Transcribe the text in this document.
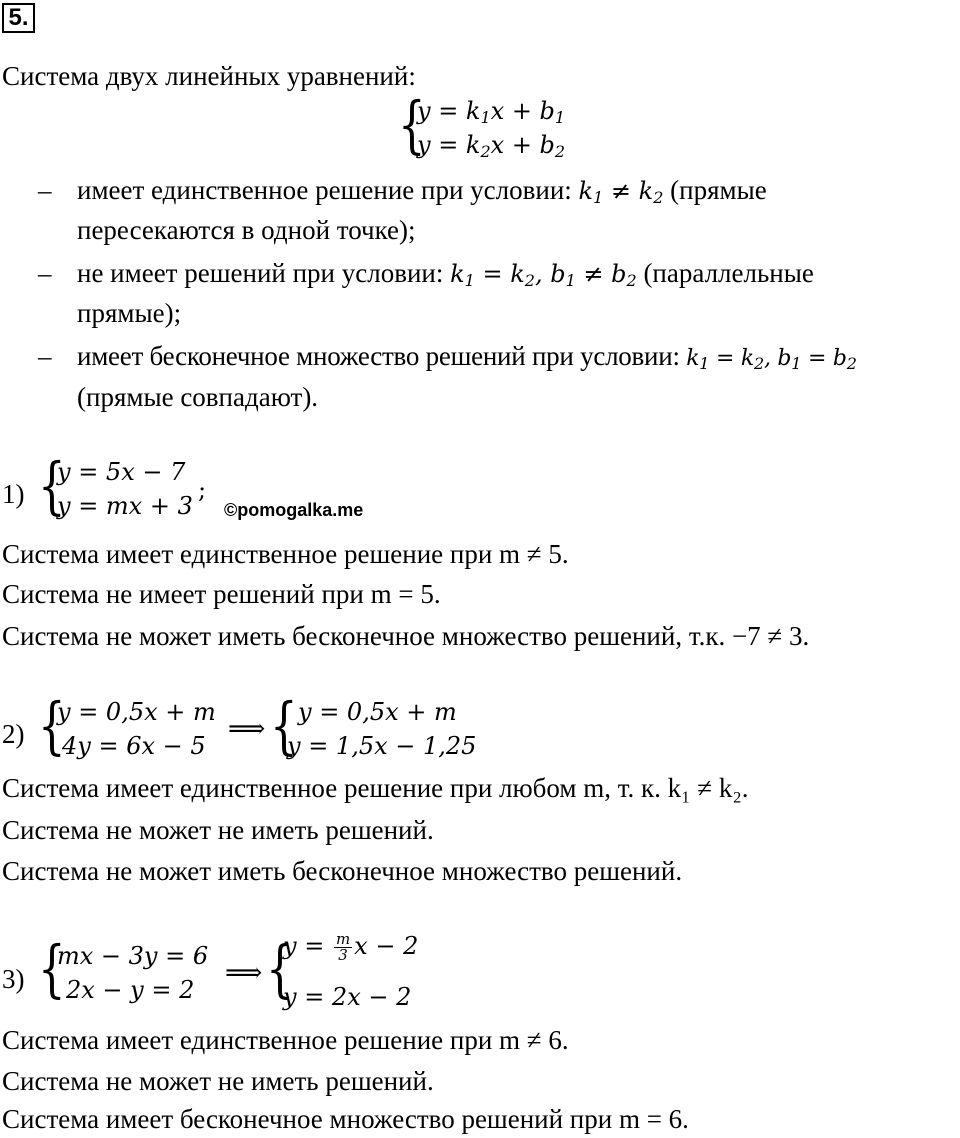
5.
Система двух линейных уравнений:
{
$y = k_1x + b_1$
$y = k_2x + b_2$
– имеет единственное решение при условии: $k_1 \ne k_2$ (прямые
пересекаются в одной точке);
– не имеет решений при условии: $k_1 = k_2$, $b_1 \ne b_2$ (параллельные
прямые);
– имеет бесконечное множество решений при условии: $k_1 = k_2$, $b_1 = b_2$
(прямые совпадают).
1) {
y = 5x − 7
y = mx + 3
;
©pomogalka.me
Система имеет единственное решение при m ≠ 5.
Система не имеет решений при m = 5.
Система не может иметь бесконечное множество решений, т.к. −7 ≠ 3.
2) {
y = 0,5x + m
4y = 6x − 5
⟹ { y = 0,5x + m
y = 1,5x − 1,25
Система имеет единственное решение при любом m, т. к. k₁ ≠ k₂.
Система не может не иметь решений.
Система не может иметь бесконечное множество решений.
3) {
mx − 3y = 6
2x − y = 2
⟹ {
$y = \frac{m}{3}$ x − 2
y = 2x − 2
Система имеет единственное решение при m ≠ 6.
Система не может не иметь решений.
Система имеет бесконечное множество решений при m = 6.
